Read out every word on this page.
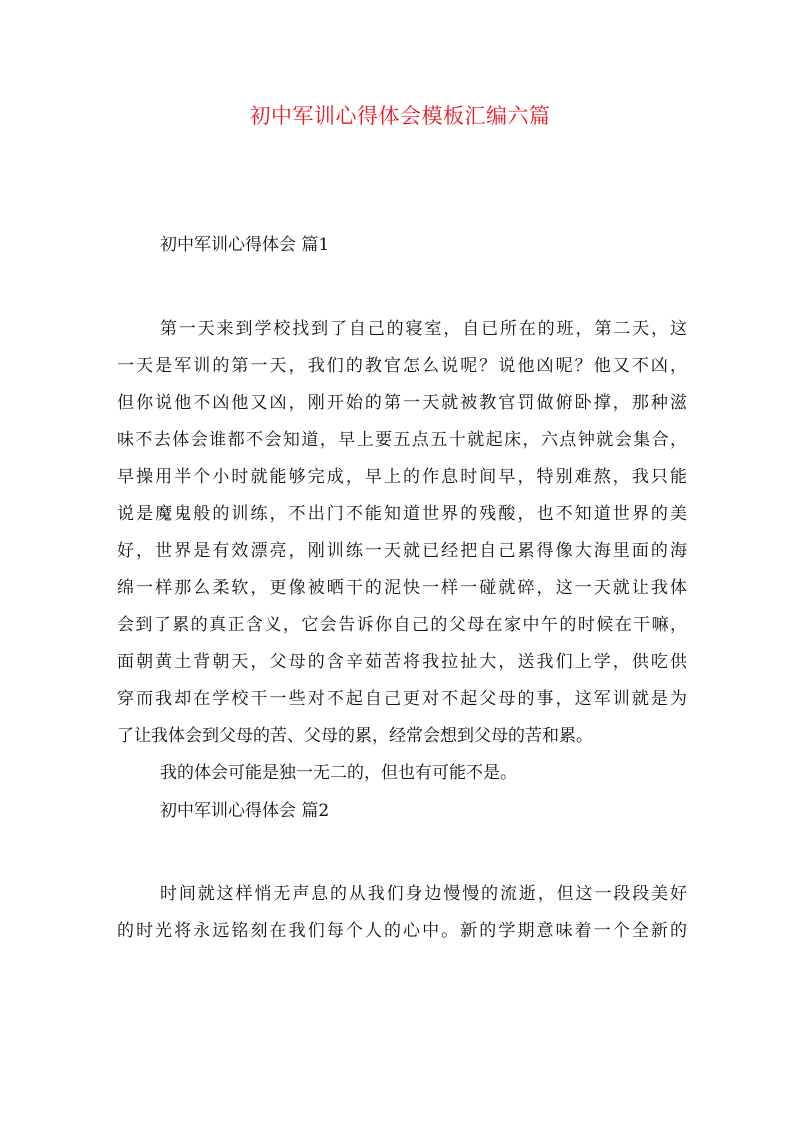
初中军训心得体会模板汇编六篇
初中军训心得体会 篇1
第一天来到学校找到了自己的寝室，自已所在的班，第二天，这
一天是军训的第一天，我们的教官怎么说呢？说他凶呢？他又不凶，
但你说他不凶他又凶，刚开始的第一天就被教官罚做俯卧撑，那种滋
味不去体会谁都不会知道，早上要五点五十就起床，六点钟就会集合，
早操用半个小时就能够完成，早上的作息时间早，特别难熬，我只能
说是魔鬼般的训练，不出门不能知道世界的残酸，也不知道世界的美
好，世界是有效漂亮，刚训练一天就已经把自己累得像大海里面的海
绵一样那么柔软，更像被晒干的泥快一样一碰就碎，这一天就让我体
会到了累的真正含义，它会告诉你自己的父母在家中午的时候在干嘛，
面朝黄土背朝天，父母的含辛茹苦将我拉扯大，送我们上学，供吃供
穿而我却在学校干一些对不起自己更对不起父母的事，这军训就是为
了让我体会到父母的苦、父母的累，经常会想到父母的苦和累。
我的体会可能是独一无二的，但也有可能不是。
初中军训心得体会 篇2
时间就这样悄无声息的从我们身边慢慢的流逝，但这一段段美好
的时光将永远铭刻在我们每个人的心中。新的学期意味着一个全新的
